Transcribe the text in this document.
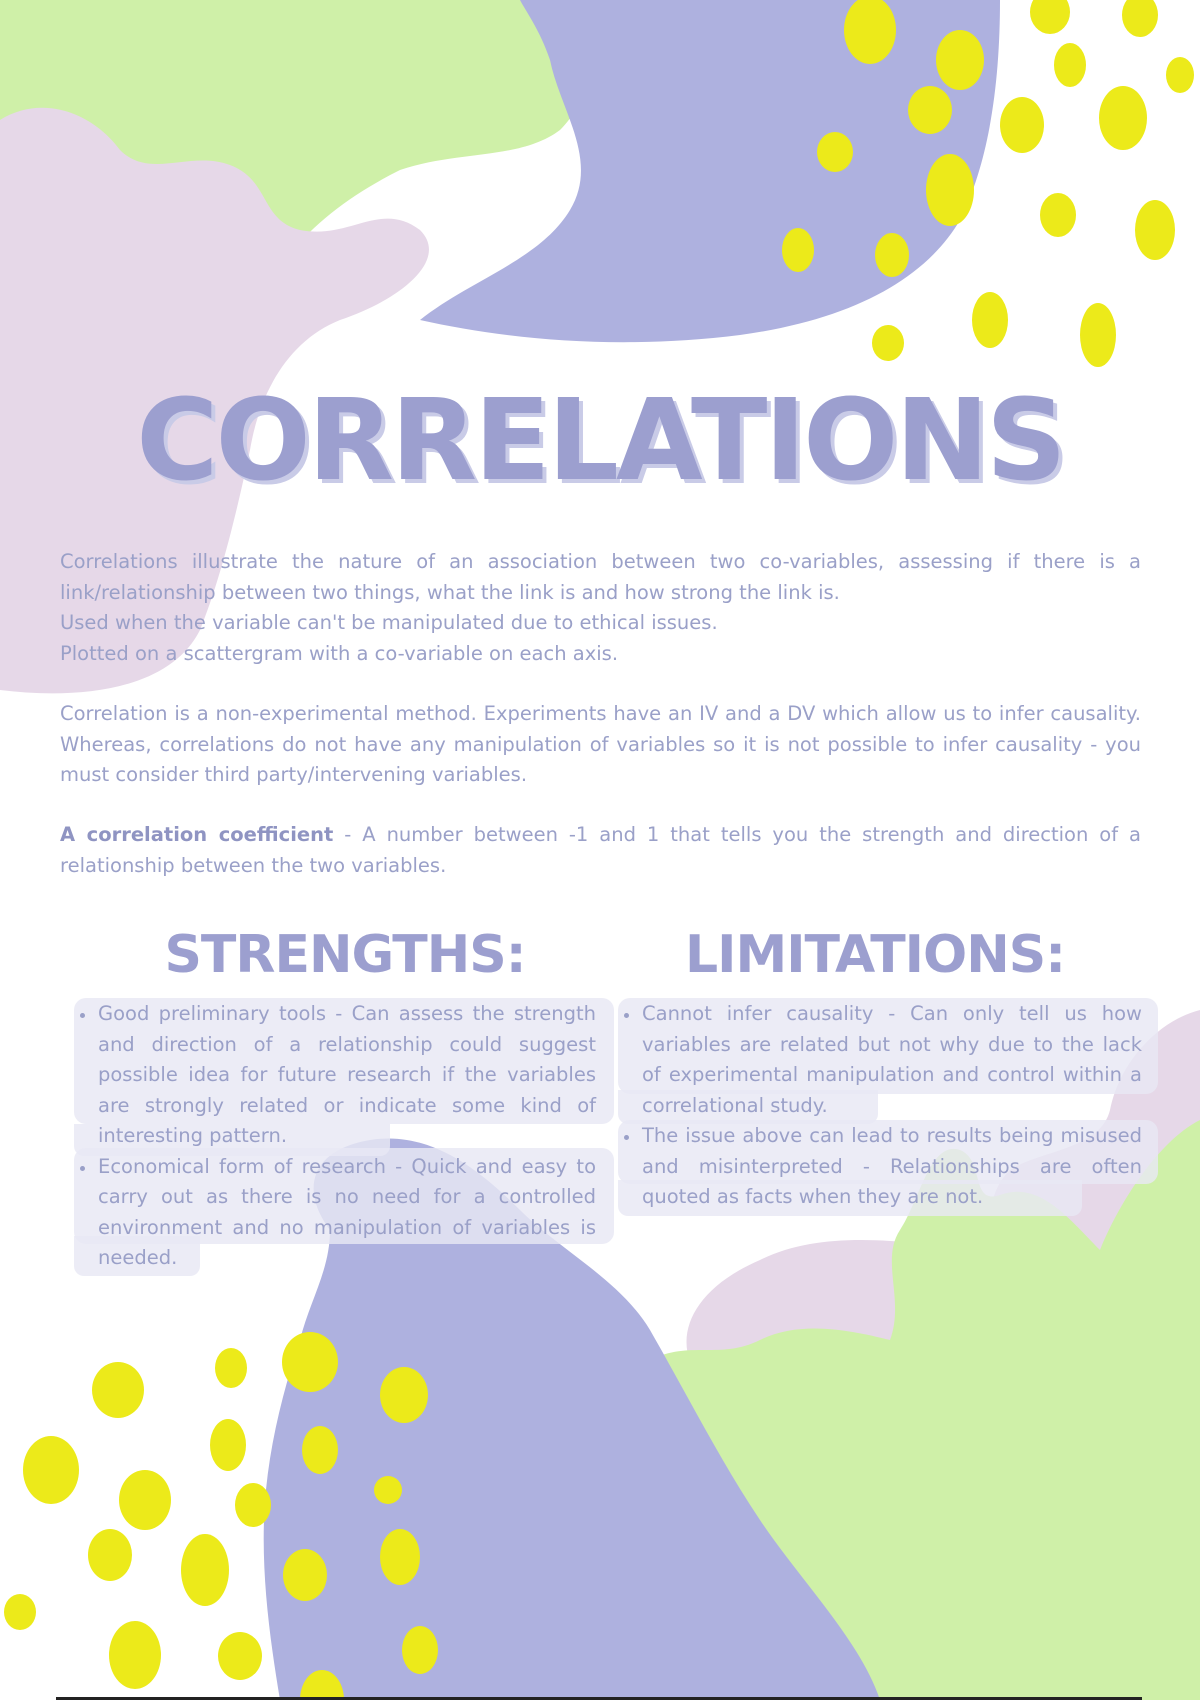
CORRELATIONS

Correlations illustrate the nature of an association between two co-variables, assessing if there is a link/relationship between two things, what the link is and how strong the link is.

Used when the variable can't be manipulated due to ethical issues.

Plotted on a scattergram with a co-variable on each axis.

Correlation is a non-experimental method. Experiments have an IV and a DV which allow us to infer causality. Whereas, correlations do not have any manipulation of variables so it is not possible to infer causality - you must consider third party/intervening variables.

A correlation coefficient - A number between -1 and 1 that tells you the strength and direction of a relationship between the two variables.

STRENGTHS:	LIMITATIONS:
Good preliminary tools - Can assess the strength and direction of a relationship could suggest possible idea for future research if the variables are strongly related or indicate some kind of interesting pattern.
Economical form of research - Quick and easy to carry out as there is no need for a controlled environment and no manipulation of variables is needed.
Cannot infer causality - Can only tell us how variables are related but not why due to the lack of experimental manipulation and control within a correlational study.
The issue above can lead to results being misused and misinterpreted - Relationships are often quoted as facts when they are not.
